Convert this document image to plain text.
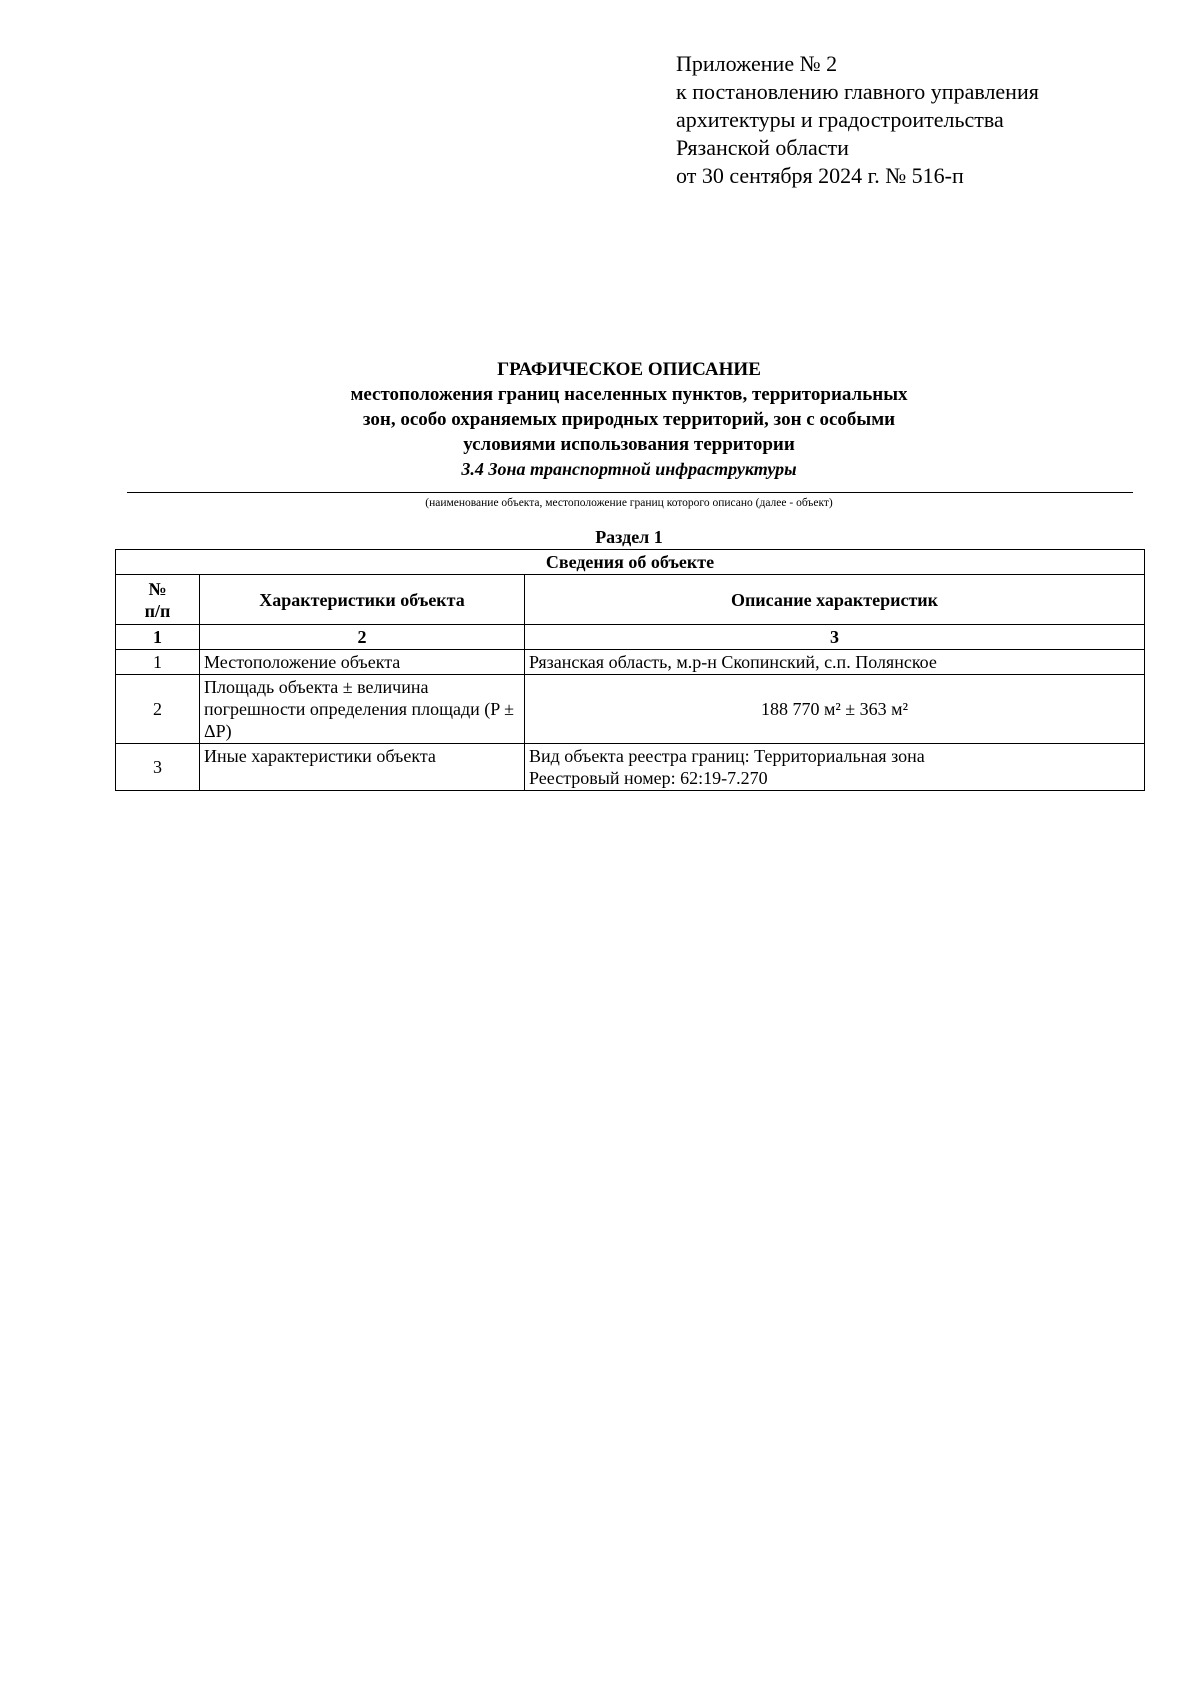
Приложение № 2
к постановлению главного управления
архитектуры и градостроительства
Рязанской области
от 30 сентября 2024 г. № 516-п
ГРАФИЧЕСКОЕ ОПИСАНИЕ
местоположения границ населенных пунктов, территориальных
зон, особо охраняемых природных территорий, зон с особыми
условиями использования территории
3.4 Зона транспортной инфраструктуры
(наименование объекта, местоположение границ которого описано (далее - объект)
Раздел 1
Сведения об объекте		
№
п/п	Характеристики объекта	Описание характеристик
1	2	3
1	Местоположение объекта	Рязанская область, м.р-н Скопинский, с.п. Полянское
2	Площадь объекта ± величина погрешности определения площади (P ± ΔP)	188 770 м² ± 363 м²
3	Иные характеристики объекта	Вид объекта реестра границ: Территориальная зона
Реестровый номер: 62:19-7.270
